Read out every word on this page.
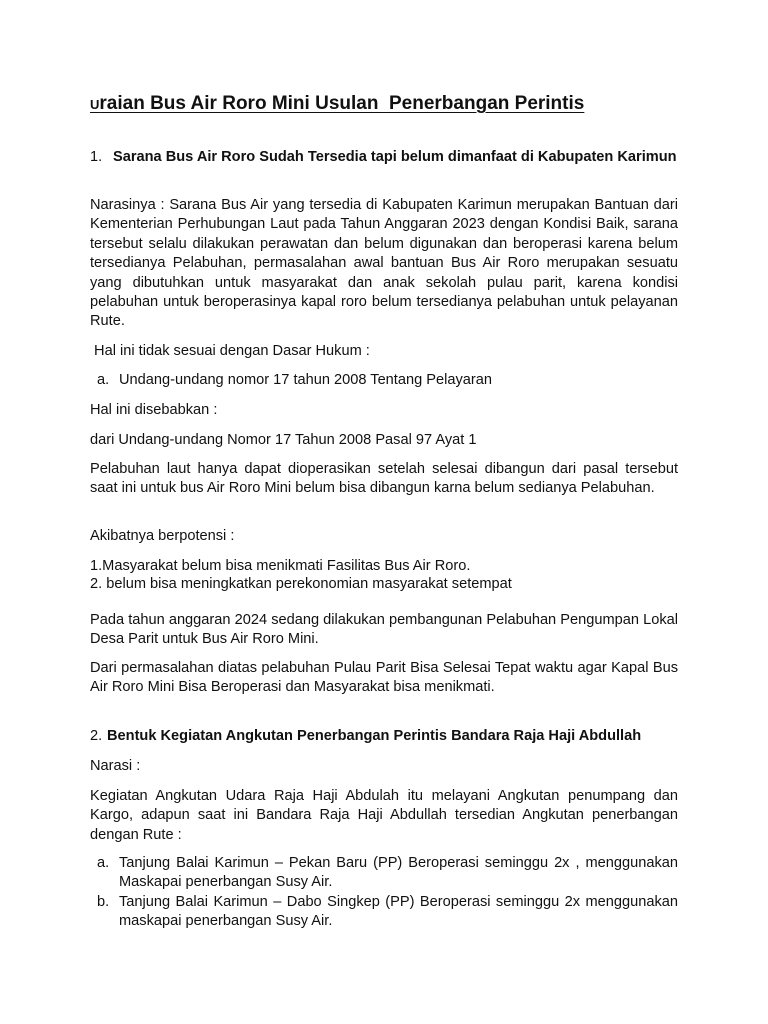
Uraian Bus Air Roro Mini Usulan  Penerbangan Perintis
1. Sarana Bus Air Roro Sudah Tersedia tapi belum dimanfaat di Kabupaten Karimun
Narasinya : Sarana Bus Air yang tersedia di Kabupaten Karimun merupakan Bantuan dari Kementerian Perhubungan Laut pada Tahun Anggaran 2023 dengan Kondisi Baik, sarana tersebut selalu dilakukan perawatan dan belum digunakan dan beroperasi karena belum tersedianya Pelabuhan, permasalahan awal bantuan Bus Air Roro merupakan sesuatu yang dibutuhkan untuk masyarakat dan anak sekolah pulau parit, karena kondisi pelabuhan untuk beroperasinya kapal roro belum tersedianya pelabuhan untuk pelayanan Rute.
Hal ini tidak sesuai dengan Dasar Hukum :
a. Undang-undang nomor 17 tahun 2008 Tentang Pelayaran
Hal ini disebabkan :
dari Undang-undang Nomor 17 Tahun 2008 Pasal 97 Ayat 1
Pelabuhan laut hanya dapat dioperasikan setelah selesai dibangun dari pasal tersebut saat ini untuk bus Air Roro Mini belum bisa dibangun karna belum sedianya Pelabuhan.
Akibatnya berpotensi :
1.Masyarakat belum bisa menikmati Fasilitas Bus Air Roro.
2. belum bisa meningkatkan perekonomian masyarakat setempat
Pada tahun anggaran 2024 sedang dilakukan pembangunan Pelabuhan Pengumpan Lokal Desa Parit untuk Bus Air Roro Mini.
Dari permasalahan diatas pelabuhan Pulau Parit Bisa Selesai Tepat waktu agar Kapal Bus Air Roro Mini Bisa Beroperasi dan Masyarakat bisa menikmati.
2. Bentuk Kegiatan Angkutan Penerbangan Perintis Bandara Raja Haji Abdullah
Narasi :
Kegiatan Angkutan Udara Raja Haji Abdulah itu melayani Angkutan penumpang dan Kargo, adapun saat ini Bandara Raja Haji Abdullah tersedian Angkutan penerbangan dengan Rute :
a. Tanjung Balai Karimun – Pekan Baru (PP) Beroperasi seminggu 2x , menggunakan Maskapai penerbangan Susy Air.
b. Tanjung Balai Karimun – Dabo Singkep (PP) Beroperasi seminggu 2x menggunakan maskapai penerbangan Susy Air.
